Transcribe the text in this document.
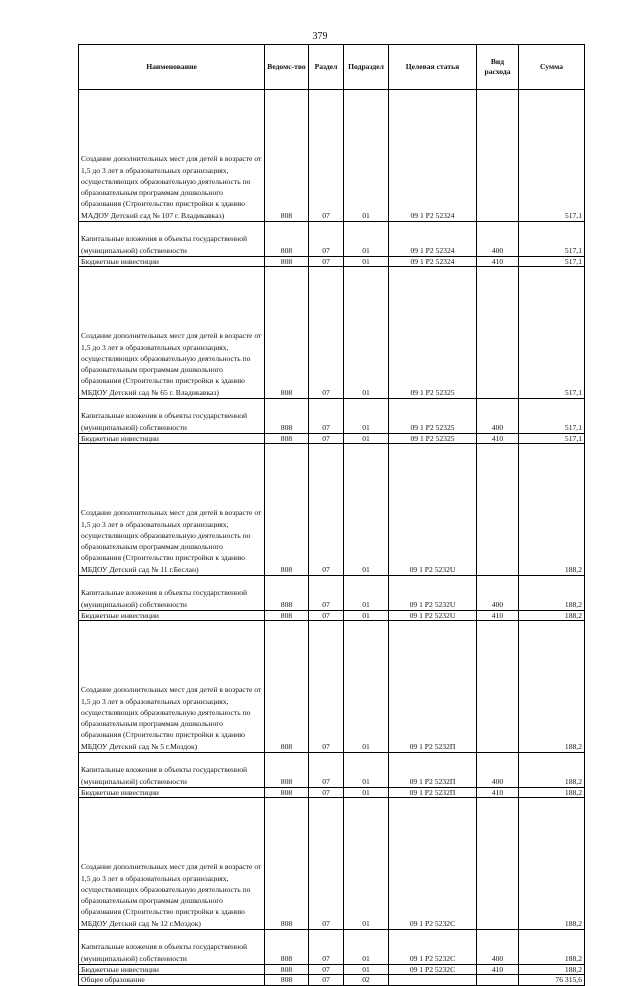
379
Наименование	Ведомс-тво	Раздел	Подраздел	Целевая статья	Вид расхода	Сумма
Создание дополнительных мест для детей в возрасте от 1,5 до 3 лет в образовательных организациях, осуществляющих образовательную деятельность по образовательным программам дошкольного образования (Строительство пристройки к зданию МАДОУ Детский сад № 107 г. Владикавказ)	808	07	01	09 1 P2 52324		517,1
Капитальные вложения в объекты государственной (муниципальной) собственности	808	07	01	09 1 P2 52324	400	517,1
Бюджетные инвестиции	808	07	01	09 1 P2 52324	410	517,1
Создание дополнительных мест для детей в возрасте от 1,5 до 3 лет в образовательных организациях, осуществляющих образовательную деятельность по образовательным программам дошкольного образования (Строительство пристройки к зданию МБДОУ Детский сад № 65 г. Владикавказ)	808	07	01	09 1 P2 52325		517,1
Капитальные вложения в объекты государственной (муниципальной) собственности	808	07	01	09 1 P2 52325	400	517,1
Бюджетные инвестиции	808	07	01	09 1 P2 52325	410	517,1
Создание дополнительных мест для детей в возрасте от 1,5 до 3 лет в образовательных организациях, осуществляющих образовательную деятельность по образовательным программам дошкольного образования (Строительство пристройки к зданию МБДОУ Детский сад № 11 г.Беслан)	808	07	01	09 1 P2 5232U		188,2
Капитальные вложения в объекты государственной (муниципальной) собственности	808	07	01	09 1 P2 5232U	400	188,2
Бюджетные инвестиции	808	07	01	09 1 P2 5232U	410	188,2
Создание дополнительных мест для детей в возрасте от 1,5 до 3 лет в образовательных организациях, осуществляющих образовательную деятельность по образовательным программам дошкольного образования (Строительство пристройки к зданию МБДОУ Детский сад № 5 г.Моздок)	808	07	01	09 1 P2 5232П		188,2
Капитальные вложения в объекты государственной (муниципальной) собственности	808	07	01	09 1 P2 5232П	400	188,2
Бюджетные инвестиции	808	07	01	09 1 P2 5232П	410	188,2
Создание дополнительных мест для детей в возрасте от 1,5 до 3 лет в образовательных организациях, осуществляющих образовательную деятельность по образовательным программам дошкольного образования (Строительство пристройки к зданию МБДОУ Детский сад № 12 г.Моздок)	808	07	01	09 1 P2 5232С		188,2
Капитальные вложения в объекты государственной (муниципальной) собственности	808	07	01	09 1 P2 5232С	400	188,2
Бюджетные инвестиции	808	07	01	09 1 P2 5232С	410	188,2
Общее образование	808	07	02			76 315,6
